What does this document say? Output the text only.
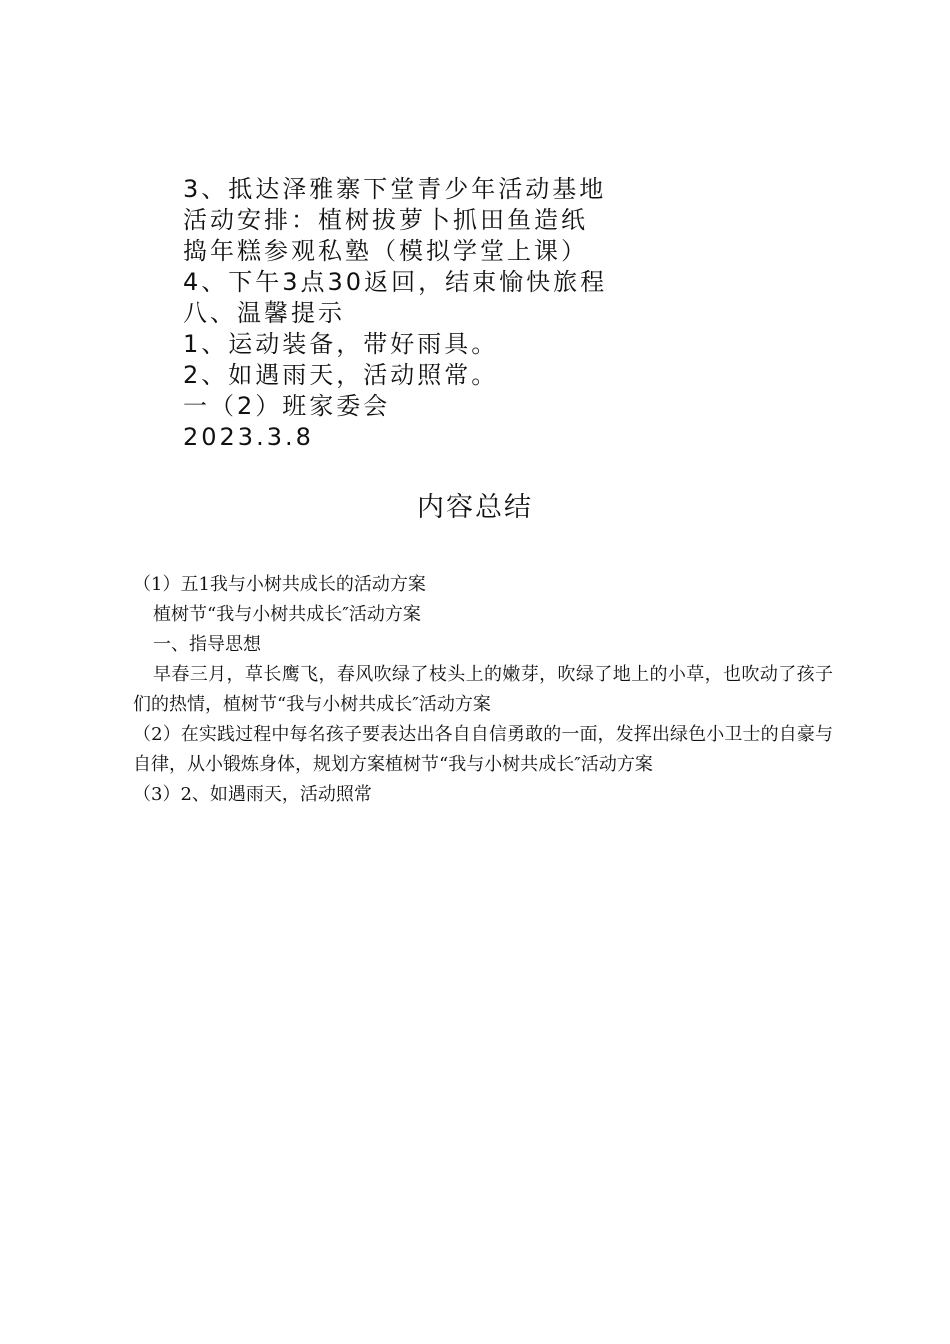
3、抵达泽雅寨下堂青少年活动基地
活动安排：植树拔萝卜抓田鱼造纸
捣年糕参观私塾（模拟学堂上课）
4、下午3点30返回，结束愉快旅程
八、温馨提示
1、运动装备，带好雨具。
2、如遇雨天，活动照常。
一（2）班家委会
2023.3.8
内容总结

（1）五1我与小树共成长的活动方案

植树节“我与小树共成长″活动方案

一、指导思想

早春三月，草长鹰飞，春风吹绿了枝头上的嫩芽，吹绿了地上的小草，也吹动了孩子们的热情，植树节“我与小树共成长″活动方案

（2）在实践过程中每名孩子要表达出各自自信勇敢的一面，发挥出绿色小卫士的自豪与自律，从小锻炼身体，规划方案植树节“我与小树共成长″活动方案

（3）2、如遇雨天，活动照常
